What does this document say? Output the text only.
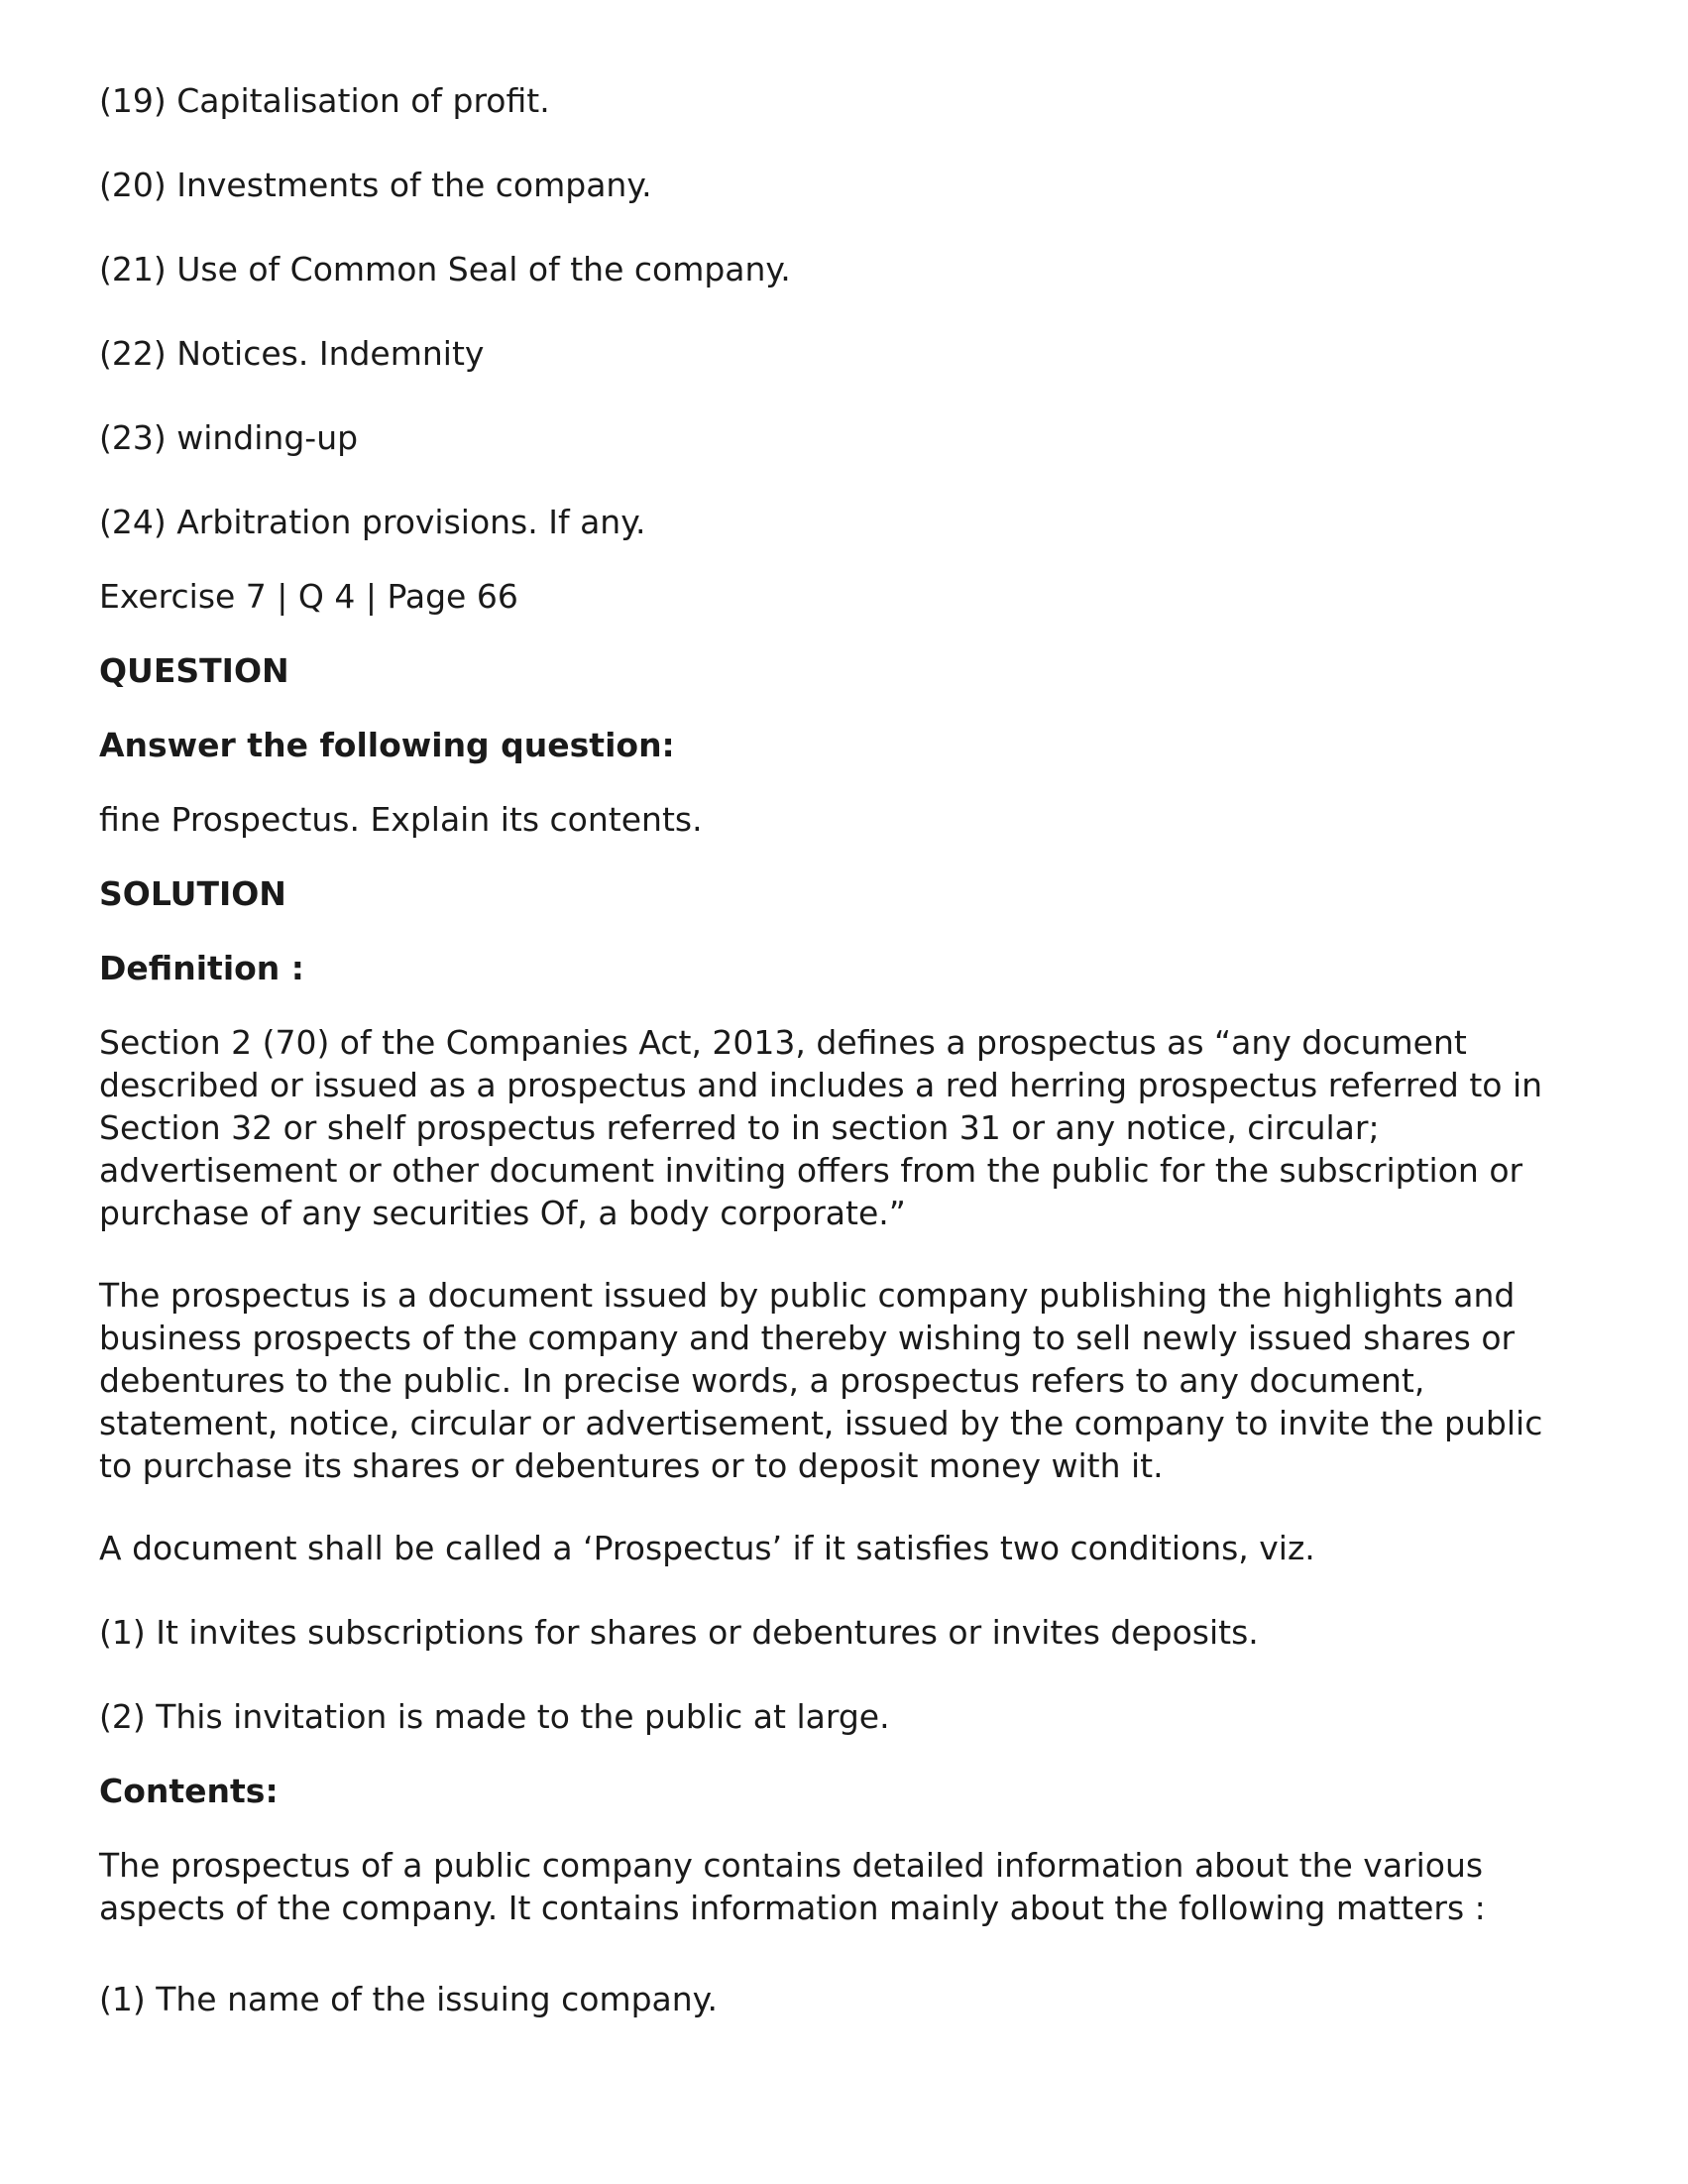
(19) Capitalisation of profit.

(20) Investments of the company.

(21) Use of Common Seal of the company.

(22) Notices. Indemnity

(23) winding-up

(24) Arbitration provisions. If any.

Exercise 7 | Q 4 | Page 66

QUESTION

Answer the following question:

fine Prospectus. Explain its contents.

SOLUTION

Definition :

Section 2 (70) of the Companies Act, 2013, defines a prospectus as “any document
described or issued as a prospectus and includes a red herring prospectus referred to in
Section 32 or shelf prospectus referred to in section 31 or any notice, circular;
advertisement or other document inviting offers from the public for the subscription or
purchase of any securities Of, a body corporate.”
The prospectus is a document issued by public company publishing the highlights and
business prospects of the company and thereby wishing to sell newly issued shares or
debentures to the public. In precise words, a prospectus refers to any document,
statement, notice, circular or advertisement, issued by the company to invite the public
to purchase its shares or debentures or to deposit money with it.

A document shall be called a ‘Prospectus’ if it satisfies two conditions, viz.

(1) It invites subscriptions for shares or debentures or invites deposits.

(2) This invitation is made to the public at large.

Contents:

The prospectus of a public company contains detailed information about the various
aspects of the company. It contains information mainly about the following matters :

(1) The name of the issuing company.
